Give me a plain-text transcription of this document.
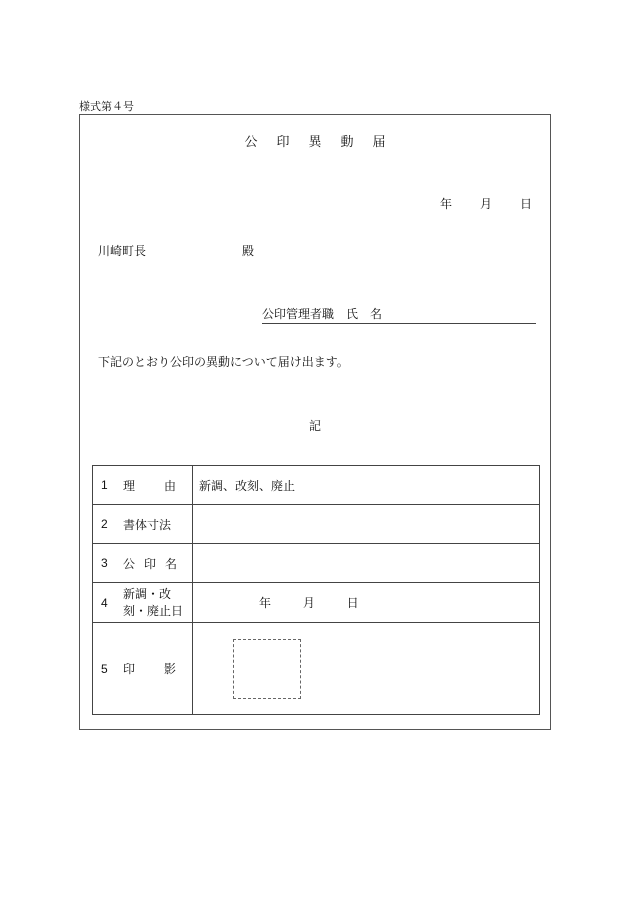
様式第４号
公印異動届
年	月	日
川崎町長	殿
公印管理者職　氏　名
下記のとおり公印の異動について届け出ます。
記
1 理 由	新調、改刻、廃止

2 書体寸法	

3 公 印 名	

4
新調・改
刻・廃止日	年 月 日

5 印 影	
